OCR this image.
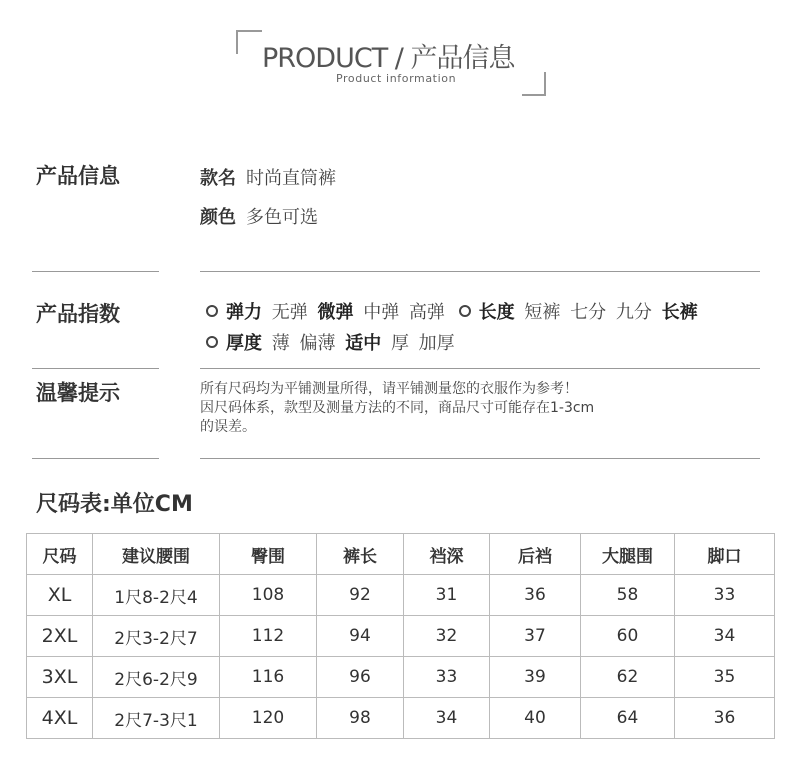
PRODUCT / 产品信息
Product information
产品信息	款名 时尚直筒裤
颜色 多色可选
产品指数	弹力 无弹 微弹 中弹 高弹 长度 短裤 七分 九分 长裤
厚度 薄 偏薄 适中 厚 加厚
温馨提示	所有尺码均为平铺测量所得，请平铺测量您的衣服作为参考！
因尺码体系，款型及测量方法的不同，商品尺寸可能存在1-3cm
的误差。
尺码表:单位CM
尺码	建议腰围	臀围	裤长	裆深	后裆	大腿围	脚口
XL	1尺8-2尺4	108	92	31	36	58	33
2XL	2尺3-2尺7	112	94	32	37	60	34
3XL	2尺6-2尺9	116	96	33	39	62	35
4XL	2尺7-3尺1	120	98	34	40	64	36
